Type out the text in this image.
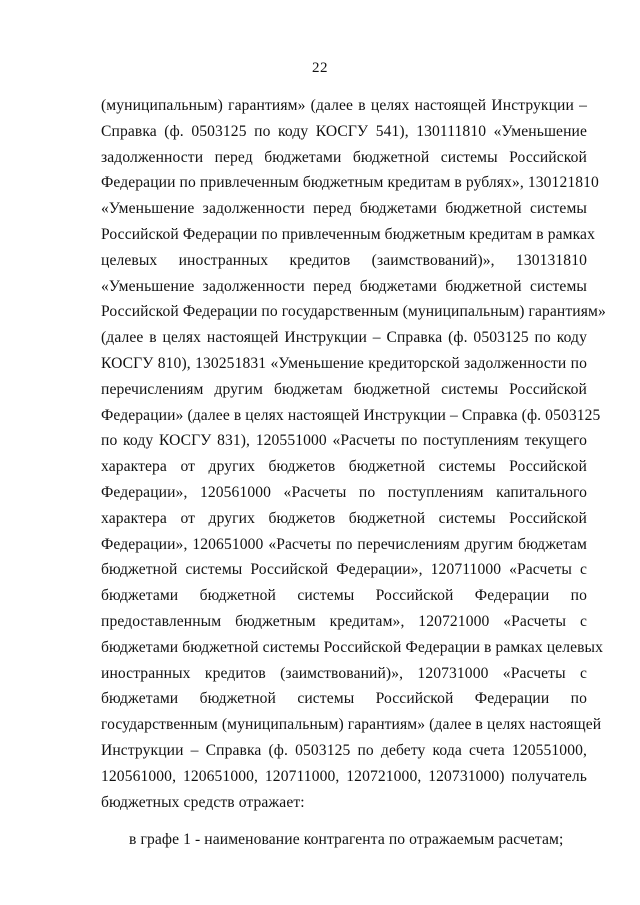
22
(муниципальным) гарантиям» (далее в целях настоящей Инструкции –
Справка (ф. 0503125 по коду КОСГУ 541), 130111810 «Уменьшение
задолженности перед бюджетами бюджетной системы Российской
Федерации по привлеченным бюджетным кредитам в рублях», 130121810
«Уменьшение задолженности перед бюджетами бюджетной системы
Российской Федерации по привлеченным бюджетным кредитам в рамках
целевых иностранных кредитов (заимствований)», 130131810
«Уменьшение задолженности перед бюджетами бюджетной системы
Российской Федерации по государственным (муниципальным) гарантиям»
(далее в целях настоящей Инструкции – Справка (ф. 0503125 по коду
КОСГУ 810), 130251831 «Уменьшение кредиторской задолженности по
перечислениям другим бюджетам бюджетной системы Российской
Федерации» (далее в целях настоящей Инструкции – Справка (ф. 0503125
по коду КОСГУ 831), 120551000 «Расчеты по поступлениям текущего
характера от других бюджетов бюджетной системы Российской
Федерации», 120561000 «Расчеты по поступлениям капитального
характера от других бюджетов бюджетной системы Российской
Федерации», 120651000 «Расчеты по перечислениям другим бюджетам
бюджетной системы Российской Федерации», 120711000 «Расчеты с
бюджетами бюджетной системы Российской Федерации по
предоставленным бюджетным кредитам», 120721000 «Расчеты с
бюджетами бюджетной системы Российской Федерации в рамках целевых
иностранных кредитов (заимствований)», 120731000 «Расчеты с
бюджетами бюджетной системы Российской Федерации по
государственным (муниципальным) гарантиям» (далее в целях настоящей
Инструкции – Справка (ф. 0503125 по дебету кода счета 120551000,
120561000, 120651000, 120711000, 120721000, 120731000) получатель
бюджетных средств отражает:

в графе 1 - наименование контрагента по отражаемым расчетам;
